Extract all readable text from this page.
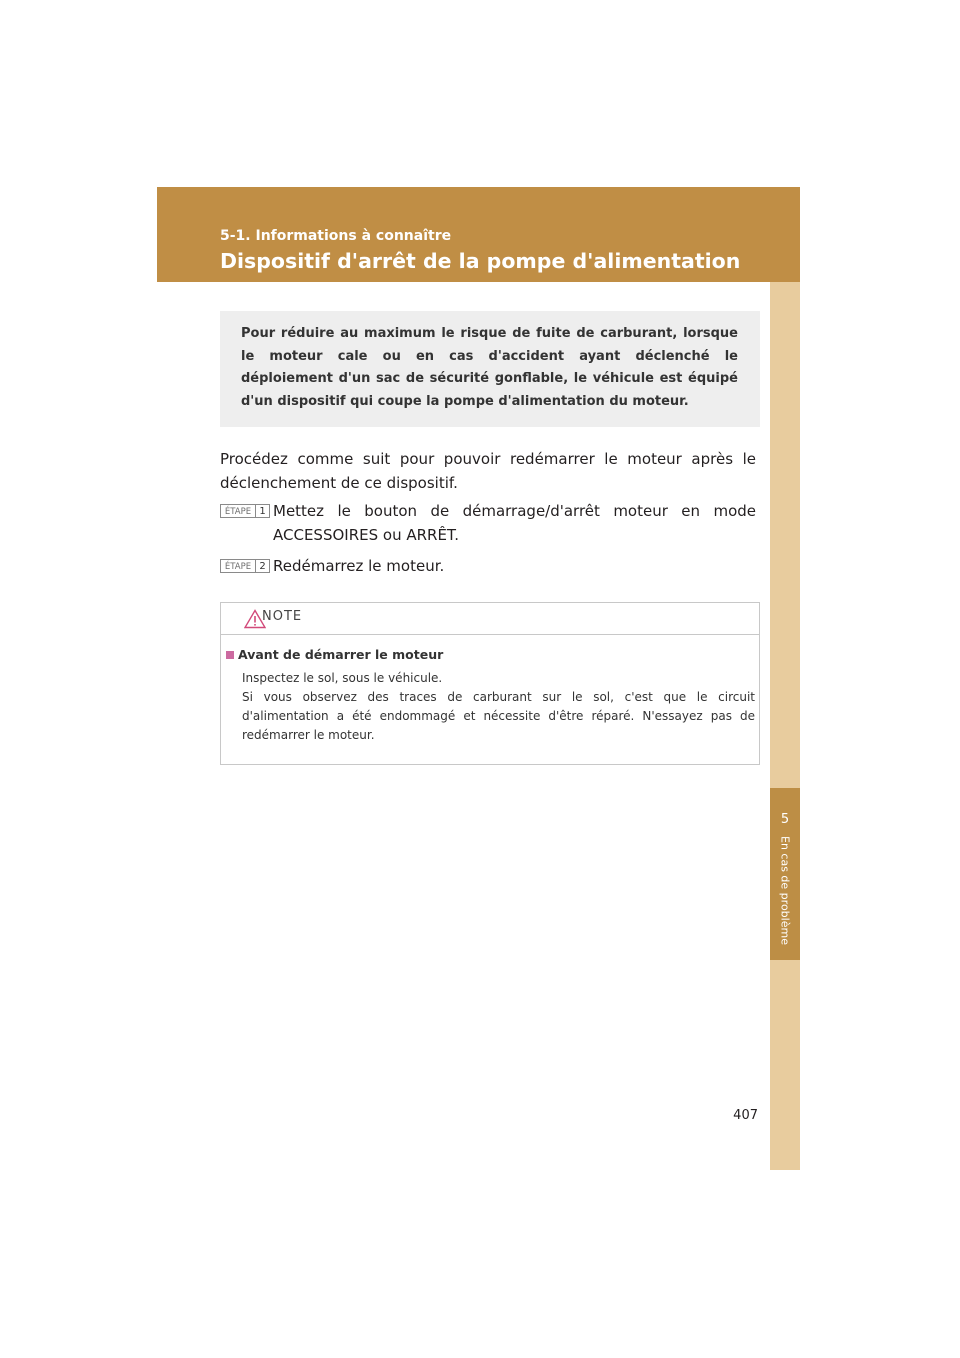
5-1. Informations à connaître
Dispositif d'arrêt de la pompe d'alimentation
5
En cas de problème
Pour réduire au maximum le risque de fuite de carburant, lorsque le moteur cale ou en cas d'accident ayant déclenché le déploiement d'un sac de sécurité gonflable, le véhicule est équipé d'un dispositif qui coupe la pompe d'alimentation du moteur.
Procédez comme suit pour pouvoir redémarrer le moteur après le déclenchement de ce dispositif.
ÉTAPE 1 Mettez le bouton de démarrage/d'arrêt moteur en mode
ACCESSOIRES ou ARRÊT.
ÉTAPE 2 Redémarrez le moteur.
NOTE
Avant de démarrer le moteur
Inspectez le sol, sous le véhicule.
Si vous observez des traces de carburant sur le sol, c'est que le circuit d'alimentation a été endommagé et nécessite d'être réparé. N'essayez pas de redémarrer le moteur.
407
